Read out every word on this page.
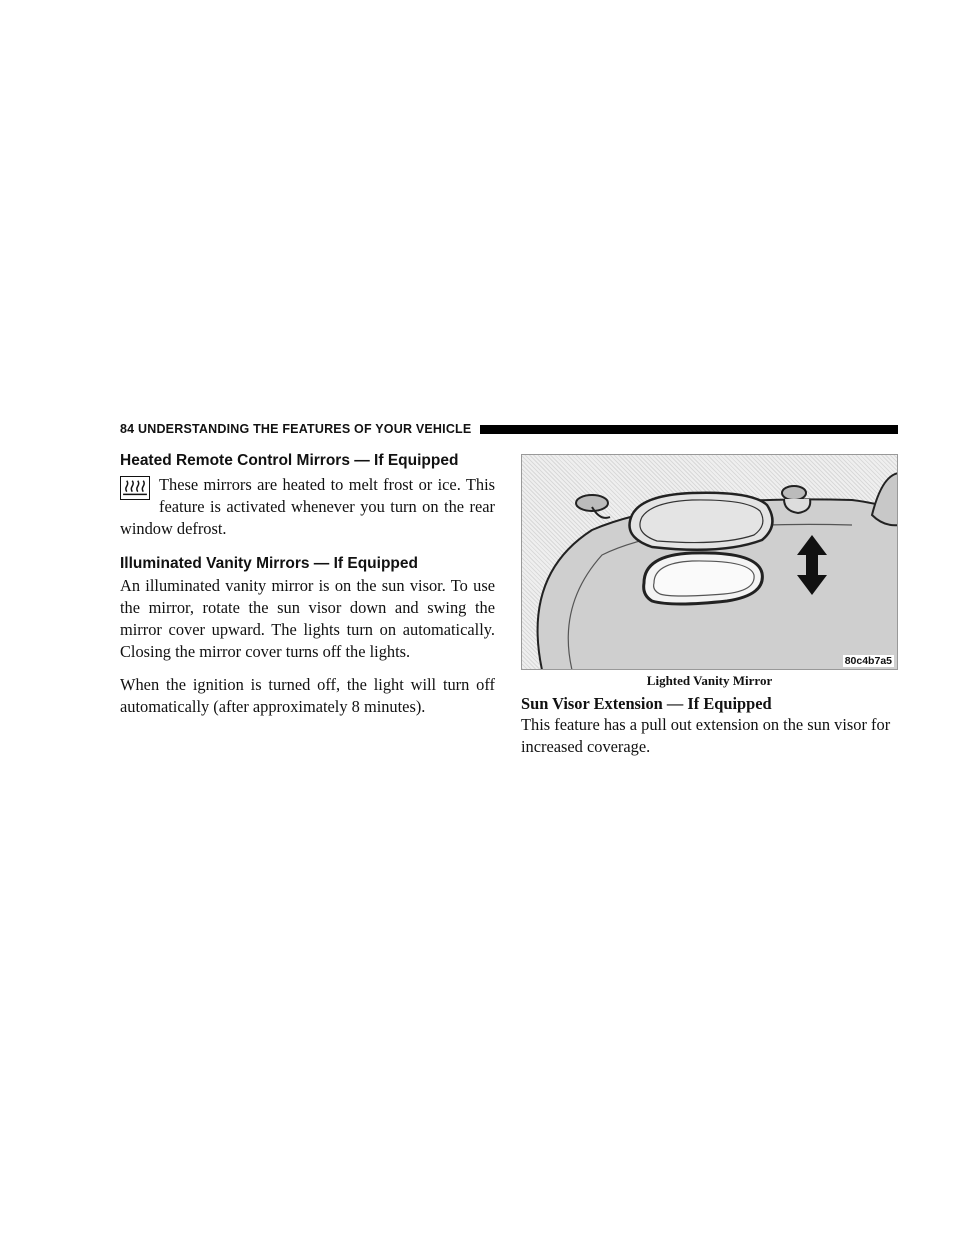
84 UNDERSTANDING THE FEATURES OF YOUR VEHICLE
Heated Remote Control Mirrors — If Equipped

These mirrors are heated to melt frost or ice. This feature is activated whenever you turn on the rear window defrost.

Illuminated Vanity Mirrors — If Equipped

An illuminated vanity mirror is on the sun visor. To use the mirror, rotate the sun visor down and swing the mirror cover upward. The lights turn on automatically. Closing the mirror cover turns off the lights.

When the ignition is turned off, the light will turn off automatically (after approximately 8 minutes).

80c4b7a5
Lighted Vanity Mirror
Sun Visor Extension — If Equipped

This feature has a pull out extension on the sun visor for increased coverage.
